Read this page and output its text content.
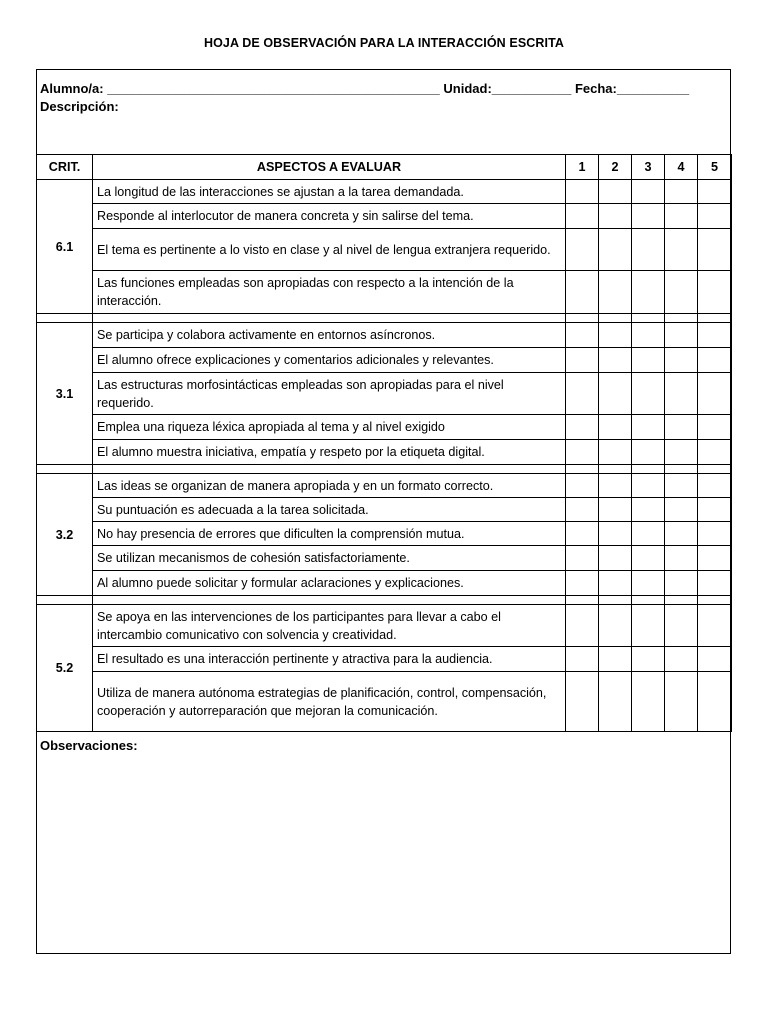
HOJA DE OBSERVACIÓN PARA LA INTERACCIÓN ESCRITA
Alumno/a: ______________________________________________ Unidad:___________ Fecha:__________
Descripción:
CRIT.	ASPECTOS A EVALUAR	1	2	3	4	5
6.1	La longitud de las interacciones se ajustan a la tarea demandada.					
	Responde al interlocutor de manera concreta y sin salirse del tema.					
	El tema es pertinente a lo visto en clase y al nivel de lengua extranjera requerido.					
	Las funciones empleadas son apropiadas con respecto a la intención de la interacción.					

3.1	Se participa y colabora activamente en entornos asíncronos.					
	El alumno ofrece explicaciones y comentarios adicionales y relevantes.					
	Las estructuras morfosintácticas empleadas son apropiadas para el nivel requerido.					
	Emplea una riqueza léxica apropiada al tema y al nivel exigido					
	El alumno muestra iniciativa, empatía y respeto por la etiqueta digital.					

3.2	Las ideas se organizan de manera apropiada y en un formato correcto.					
	Su puntuación es adecuada a la tarea solicitada.					
	No hay presencia de errores que dificulten la comprensión mutua.					
	Se utilizan mecanismos de cohesión satisfactoriamente.					
	Al alumno puede solicitar y formular aclaraciones y explicaciones.					

5.2	Se apoya en las intervenciones de los participantes para llevar a cabo el intercambio comunicativo con solvencia y creatividad.					
	El resultado es una interacción pertinente y atractiva para la audiencia.					
	Utiliza de manera autónoma estrategias de planificación, control, compensación, cooperación y autorreparación que mejoran la comunicación.					
Observaciones:
